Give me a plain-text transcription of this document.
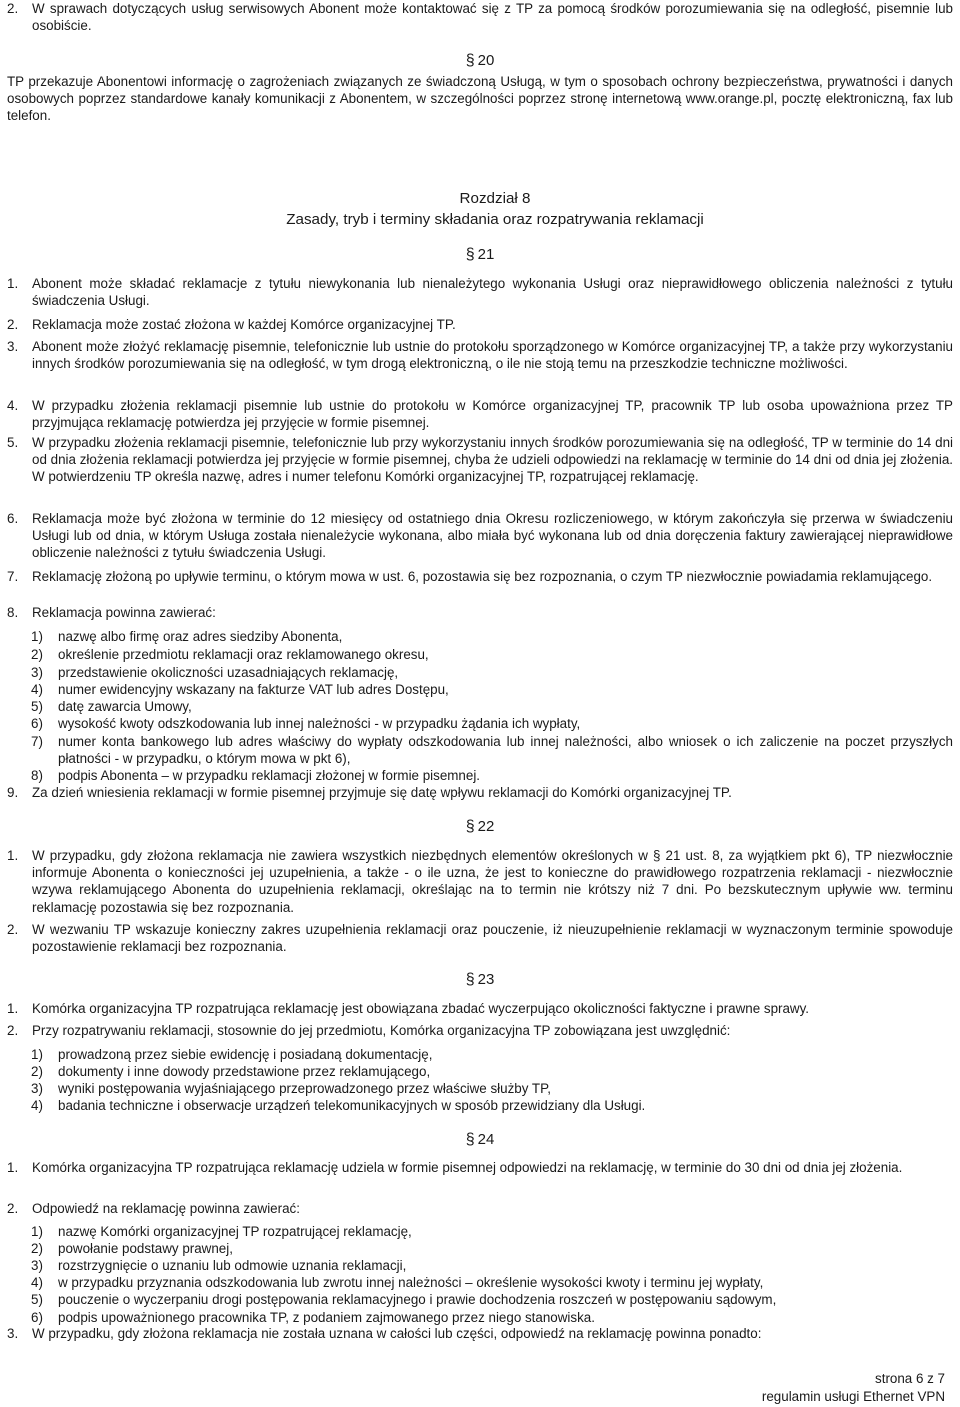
2. W sprawach dotyczących usług serwisowych Abonent może kontaktować się z TP za pomocą środków porozumiewania się na odległość, pisemnie lub osobiście.
§ 20
TP przekazuje Abonentowi informację o zagrożeniach związanych ze świadczoną Usługą, w tym o sposobach ochrony bezpieczeństwa, prywatności i danych osobowych poprzez standardowe kanały komunikacji z Abonentem, w szczególności poprzez stronę internetową www.orange.pl, pocztę elektroniczną, fax lub telefon.
Rozdział 8
Zasady, tryb i terminy składania oraz rozpatrywania reklamacji
§ 21
1. Abonent może składać reklamacje z tytułu niewykonania lub nienależytego wykonania Usługi oraz nieprawidłowego obliczenia należności z tytułu świadczenia Usługi.
2. Reklamacja może zostać złożona w każdej Komórce organizacyjnej TP.
3. Abonent może złożyć reklamację pisemnie, telefonicznie lub ustnie do protokołu sporządzonego w Komórce organizacyjnej TP, a także przy wykorzystaniu innych środków porozumiewania się na odległość, w tym drogą elektroniczną, o ile nie stoją temu na przeszkodzie techniczne możliwości.
4. W przypadku złożenia reklamacji pisemnie lub ustnie do protokołu w Komórce organizacyjnej TP, pracownik TP lub osoba upoważniona przez TP przyjmująca reklamację potwierdza jej przyjęcie w formie pisemnej.
5. W przypadku złożenia reklamacji pisemnie, telefonicznie lub przy wykorzystaniu innych środków porozumiewania się na odległość, TP w terminie do 14 dni od dnia złożenia reklamacji potwierdza jej przyjęcie w formie pisemnej, chyba że udzieli odpowiedzi na reklamację w terminie do 14 dni od dnia jej złożenia. W potwierdzeniu TP określa nazwę, adres i numer telefonu Komórki organizacyjnej TP, rozpatrującej reklamację.
6. Reklamacja może być złożona w terminie do 12 miesięcy od ostatniego dnia Okresu rozliczeniowego, w którym zakończyła się przerwa w świadczeniu Usługi lub od dnia, w którym Usługa została nienależycie wykonana, albo miała być wykonana lub od dnia doręczenia faktury zawierającej nieprawidłowe obliczenie należności z tytułu świadczenia Usługi.
7. Reklamację złożoną po upływie terminu, o którym mowa w ust. 6, pozostawia się bez rozpoznania, o czym TP niezwłocznie powiadamia reklamującego.
8. Reklamacja powinna zawierać:
1) nazwę albo firmę oraz adres siedziby Abonenta,
2) określenie przedmiotu reklamacji oraz reklamowanego okresu,
3) przedstawienie okoliczności uzasadniających reklamację,
4) numer ewidencyjny wskazany na fakturze VAT lub adres Dostępu,
5) datę zawarcia Umowy,
6) wysokość kwoty odszkodowania lub innej należności - w przypadku żądania ich wypłaty,
7) numer konta bankowego lub adres właściwy do wypłaty odszkodowania lub innej należności, albo wniosek o ich zaliczenie na poczet przyszłych płatności - w przypadku, o którym mowa w pkt 6),
8) podpis Abonenta – w przypadku reklamacji złożonej w formie pisemnej.
9. Za dzień wniesienia reklamacji w formie pisemnej przyjmuje się datę wpływu reklamacji do Komórki organizacyjnej TP.
§ 22
1. W przypadku, gdy złożona reklamacja nie zawiera wszystkich niezbędnych elementów określonych w § 21 ust. 8, za wyjątkiem pkt 6), TP niezwłocznie informuje Abonenta o konieczności jej uzupełnienia, a także - o ile uzna, że jest to konieczne do prawidłowego rozpatrzenia reklamacji - niezwłocznie wzywa reklamującego Abonenta do uzupełnienia reklamacji, określając na to termin nie krótszy niż 7 dni. Po bezskutecznym upływie ww. terminu reklamację pozostawia się bez rozpoznania.
2. W wezwaniu TP wskazuje konieczny zakres uzupełnienia reklamacji oraz pouczenie, iż nieuzupełnienie reklamacji w wyznaczonym terminie spowoduje pozostawienie reklamacji bez rozpoznania.
§ 23
1. Komórka organizacyjna TP rozpatrująca reklamację jest obowiązana zbadać wyczerpująco okoliczności faktyczne i prawne sprawy.
2. Przy rozpatrywaniu reklamacji, stosownie do jej przedmiotu, Komórka organizacyjna TP zobowiązana jest uwzględnić:
1) prowadzoną przez siebie ewidencję i posiadaną dokumentację,
2) dokumenty i inne dowody przedstawione przez reklamującego,
3) wyniki postępowania wyjaśniającego przeprowadzonego przez właściwe służby TP,
4) badania techniczne i obserwacje urządzeń telekomunikacyjnych w sposób przewidziany dla Usługi.
§ 24
1. Komórka organizacyjna TP rozpatrująca reklamację udziela w formie pisemnej odpowiedzi na reklamację, w terminie do 30 dni od dnia jej złożenia.
2. Odpowiedź na reklamację powinna zawierać:
1) nazwę Komórki organizacyjnej TP rozpatrującej reklamację,
2) powołanie podstawy prawnej,
3) rozstrzygnięcie o uznaniu lub odmowie uznania reklamacji,
4) w przypadku przyznania odszkodowania lub zwrotu innej należności – określenie wysokości kwoty i terminu jej wypłaty,
5) pouczenie o wyczerpaniu drogi postępowania reklamacyjnego i prawie dochodzenia roszczeń w postępowaniu sądowym,
6) podpis upoważnionego pracownika TP, z podaniem zajmowanego przez niego stanowiska.
3. W przypadku, gdy złożona reklamacja nie została uznana w całości lub części, odpowiedź na reklamację powinna ponadto:
strona 6 z 7
regulamin usługi Ethernet VPN
